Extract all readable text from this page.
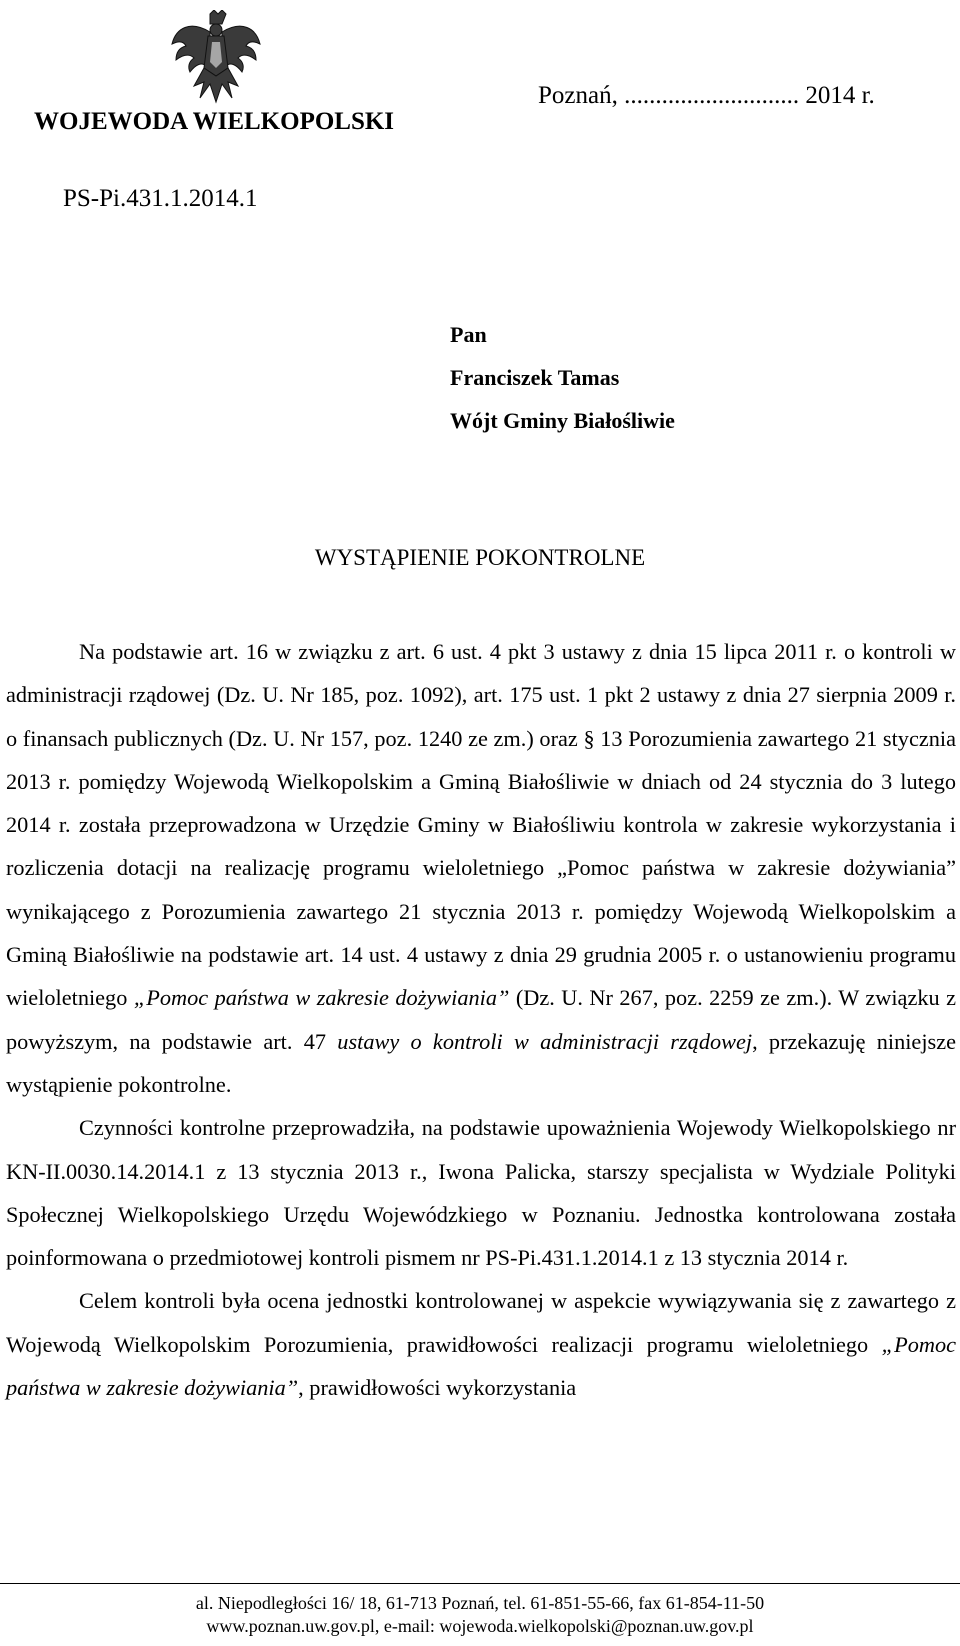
WOJEWODA WIELKOPOLSKI
Poznań, ............................ 2014 r.
PS-Pi.431.1.2014.1
Pan
Franciszek Tamas
Wójt Gminy Białośliwie
WYSTĄPIENIE POKONTROLNE

Na podstawie art. 16 w związku z art. 6 ust. 4 pkt 3 ustawy z dnia 15 lipca 2011 r. o kontroli w administracji rządowej (Dz. U. Nr 185, poz. 1092), art. 175 ust. 1 pkt 2 ustawy z dnia 27 sierpnia 2009 r. o finansach publicznych (Dz. U. Nr 157, poz. 1240 ze zm.) oraz § 13 Porozumienia zawartego 21 stycznia 2013 r. pomiędzy Wojewodą Wielkopolskim a Gminą Białośliwie w dniach od 24 stycznia do 3 lutego 2014 r. została przeprowadzona w Urzędzie Gminy w Białośliwiu kontrola w zakresie wykorzystania i rozliczenia dotacji na realizację programu wieloletniego „Pomoc państwa w zakresie dożywiania” wynikającego z Porozumienia zawartego 21 stycznia 2013 r. pomiędzy Wojewodą Wielkopolskim a Gminą Białośliwie na podstawie art. 14 ust. 4 ustawy z dnia 29 grudnia 2005 r. o ustanowieniu programu wieloletniego „Pomoc państwa w zakresie dożywiania” (Dz. U. Nr 267, poz. 2259 ze zm.). W związku z powyższym, na podstawie art. 47 ustawy o kontroli w administracji rządowej, przekazuję niniejsze wystąpienie pokontrolne.

Czynności kontrolne przeprowadziła, na podstawie upoważnienia Wojewody Wielkopolskiego nr KN-II.0030.14.2014.1 z 13 stycznia 2013 r., Iwona Palicka, starszy specjalista w Wydziale Polityki Społecznej Wielkopolskiego Urzędu Wojewódzkiego w Poznaniu. Jednostka kontrolowana została poinformowana o przedmiotowej kontroli pismem nr PS-Pi.431.1.2014.1 z 13 stycznia 2014 r.

Celem kontroli była ocena jednostki kontrolowanej w aspekcie wywiązywania się z zawartego z Wojewodą Wielkopolskim Porozumienia, prawidłowości realizacji programu wieloletniego „Pomoc państwa w zakresie dożywiania”, prawidłowości wykorzystania

al. Niepodległości 16/ 18, 61-713 Poznań, tel. 61-851-55-66, fax 61-854-11-50
www.poznan.uw.gov.pl, e-mail: wojewoda.wielkopolski@poznan.uw.gov.pl
